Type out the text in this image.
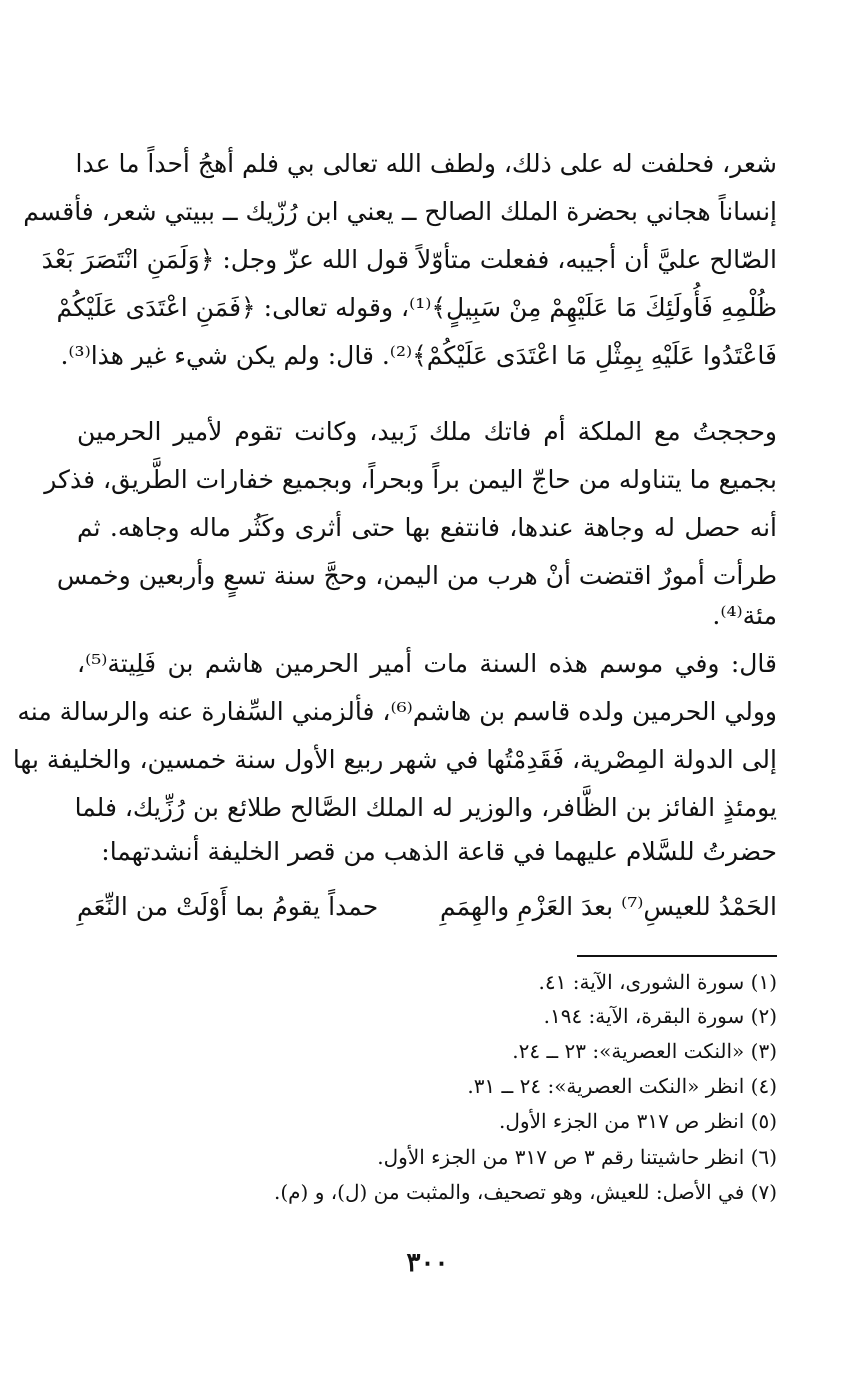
شعر، فحلفت له على ذلك، ولطف الله تعالى بي فلم أهجُ أحداً ما عدا
إنساناً هجاني بحضرة الملك الصالح ــ يعني ابن رُزّيك ــ ببيتي شعر، فأقسم
الصّالح عليَّ أن أجيبه، ففعلت متأوّلاً قول الله عزّ وجل: ﴿وَلَمَنِ انْتَصَرَ بَعْدَ
ظُلْمِهِ فَأُولَئِكَ مَا عَلَيْهِمْ مِنْ سَبِيلٍ﴾⁽¹⁾، وقوله تعالى: ﴿فَمَنِ اعْتَدَى عَلَيْكُمْ
فَاعْتَدُوا عَلَيْهِ بِمِثْلِ مَا اعْتَدَى عَلَيْكُمْ﴾⁽²⁾. قال: ولم يكن شيء غير هذا⁽³⁾.
وحججتُ مع الملكة أم فاتك ملك زَبيد، وكانت تقوم لأمير الحرمين
بجميع ما يتناوله من حاجّ اليمن براً وبحراً، وبجميع خفارات الطَّريق، فذكر
أنه حصل له وجاهة عندها، فانتفع بها حتى أثرى وكَثُر ماله وجاهه. ثم
طرأت أمورٌ اقتضت أنْ هرب من اليمن، وحجَّ سنة تسعٍ وأربعين وخمس
مئة⁽⁴⁾.
قال: وفي موسم هذه السنة مات أمير الحرمين هاشم بن فَلِيتة⁽⁵⁾،
وولي الحرمين ولده قاسم بن هاشم⁽⁶⁾، فألزمني السِّفارة عنه والرسالة منه
إلى الدولة المِصْرية، فَقَدِمْتُها في شهر ربيع الأول سنة خمسين، والخليفة بها
يومئذٍ الفائز بن الظَّافر، والوزير له الملك الصَّالح طلائع بن رُزِّيك، فلما
حضرتُ للسَّلام عليهما في قاعة الذهب من قصر الخليفة أنشدتهما:
الحَمْدُ للعيسِ⁽⁷⁾ بعدَ العَزْمِ والهِمَمِ
حمداً يقومُ بما أَوْلَتْ من النِّعَمِ
(١) سورة الشورى، الآية: ٤١.
(٢) سورة البقرة، الآية: ١٩٤.
(٣) «النكت العصرية»: ٢٣ ــ ٢٤.
(٤) انظر «النكت العصرية»: ٢٤ ــ ٣١.
(٥) انظر ص ٣١٧ من الجزء الأول.
(٦) انظر حاشيتنا رقم ٣ ص ٣١٧ من الجزء الأول.
(٧) في الأصل: للعيش، وهو تصحيف، والمثبت من (ل)، و (م).
٣٠٠
